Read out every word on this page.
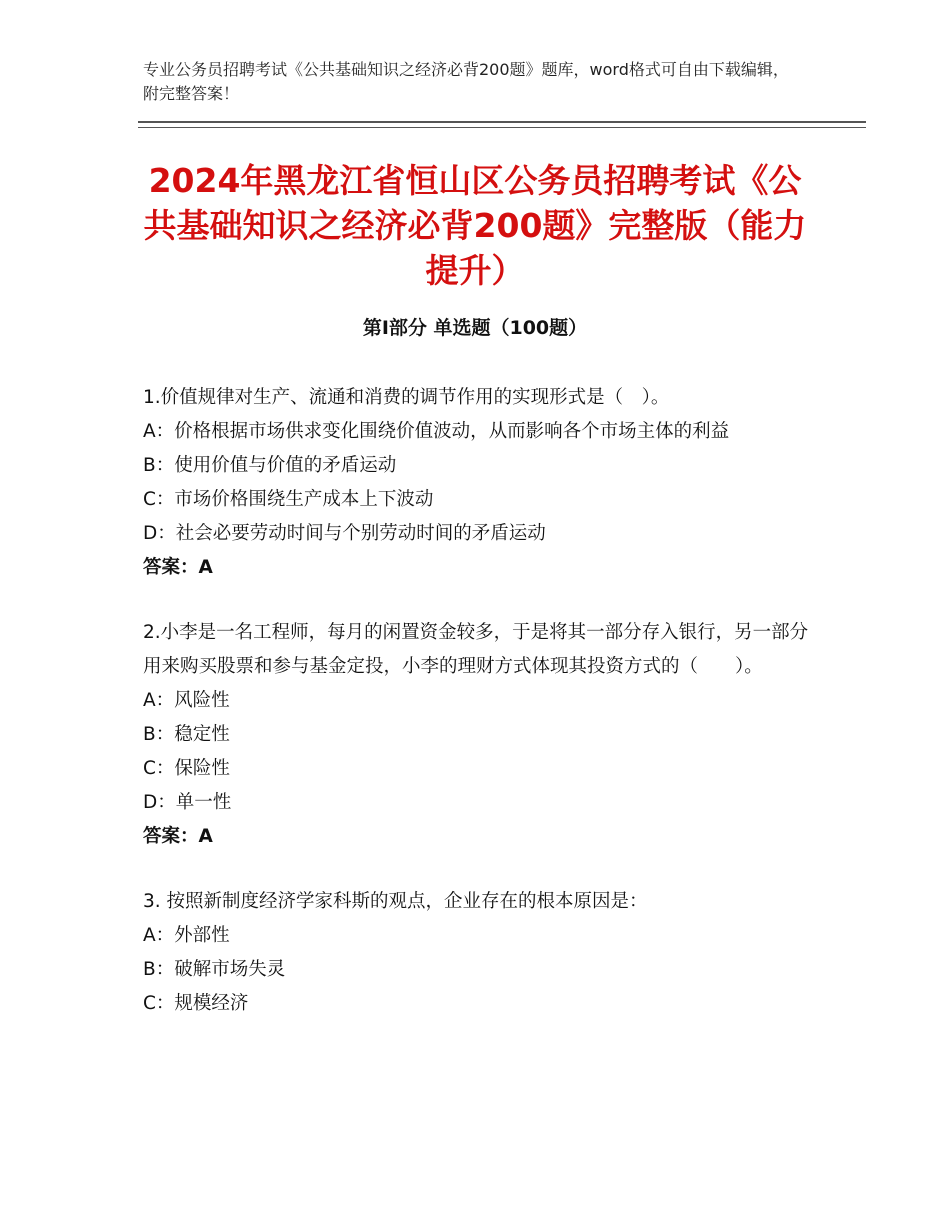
专业公务员招聘考试《公共基础知识之经济必背200题》题库，word格式可自由下载编辑，附完整答案！
2024年黑龙江省恒山区公务员招聘考试《公共基础知识之经济必背200题》完整版（能力提升）
第Ⅰ部分 单选题（100题）

1.价值规律对生产、流通和消费的调节作用的实现形式是（　）。

A：价格根据市场供求变化围绕价值波动，从而影响各个市场主体的利益

B：使用价值与价值的矛盾运动

C：市场价格围绕生产成本上下波动

D：社会必要劳动时间与个别劳动时间的矛盾运动

答案：A

2.小李是一名工程师，每月的闲置资金较多，于是将其一部分存入银行，另一部分用来购买股票和参与基金定投，小李的理财方式体现其投资方式的（　　）。

A：风险性

B：稳定性

C：保险性

D：单一性

答案：A

3. 按照新制度经济学家科斯的观点，企业存在的根本原因是：

A：外部性

B：破解市场失灵

C：规模经济
